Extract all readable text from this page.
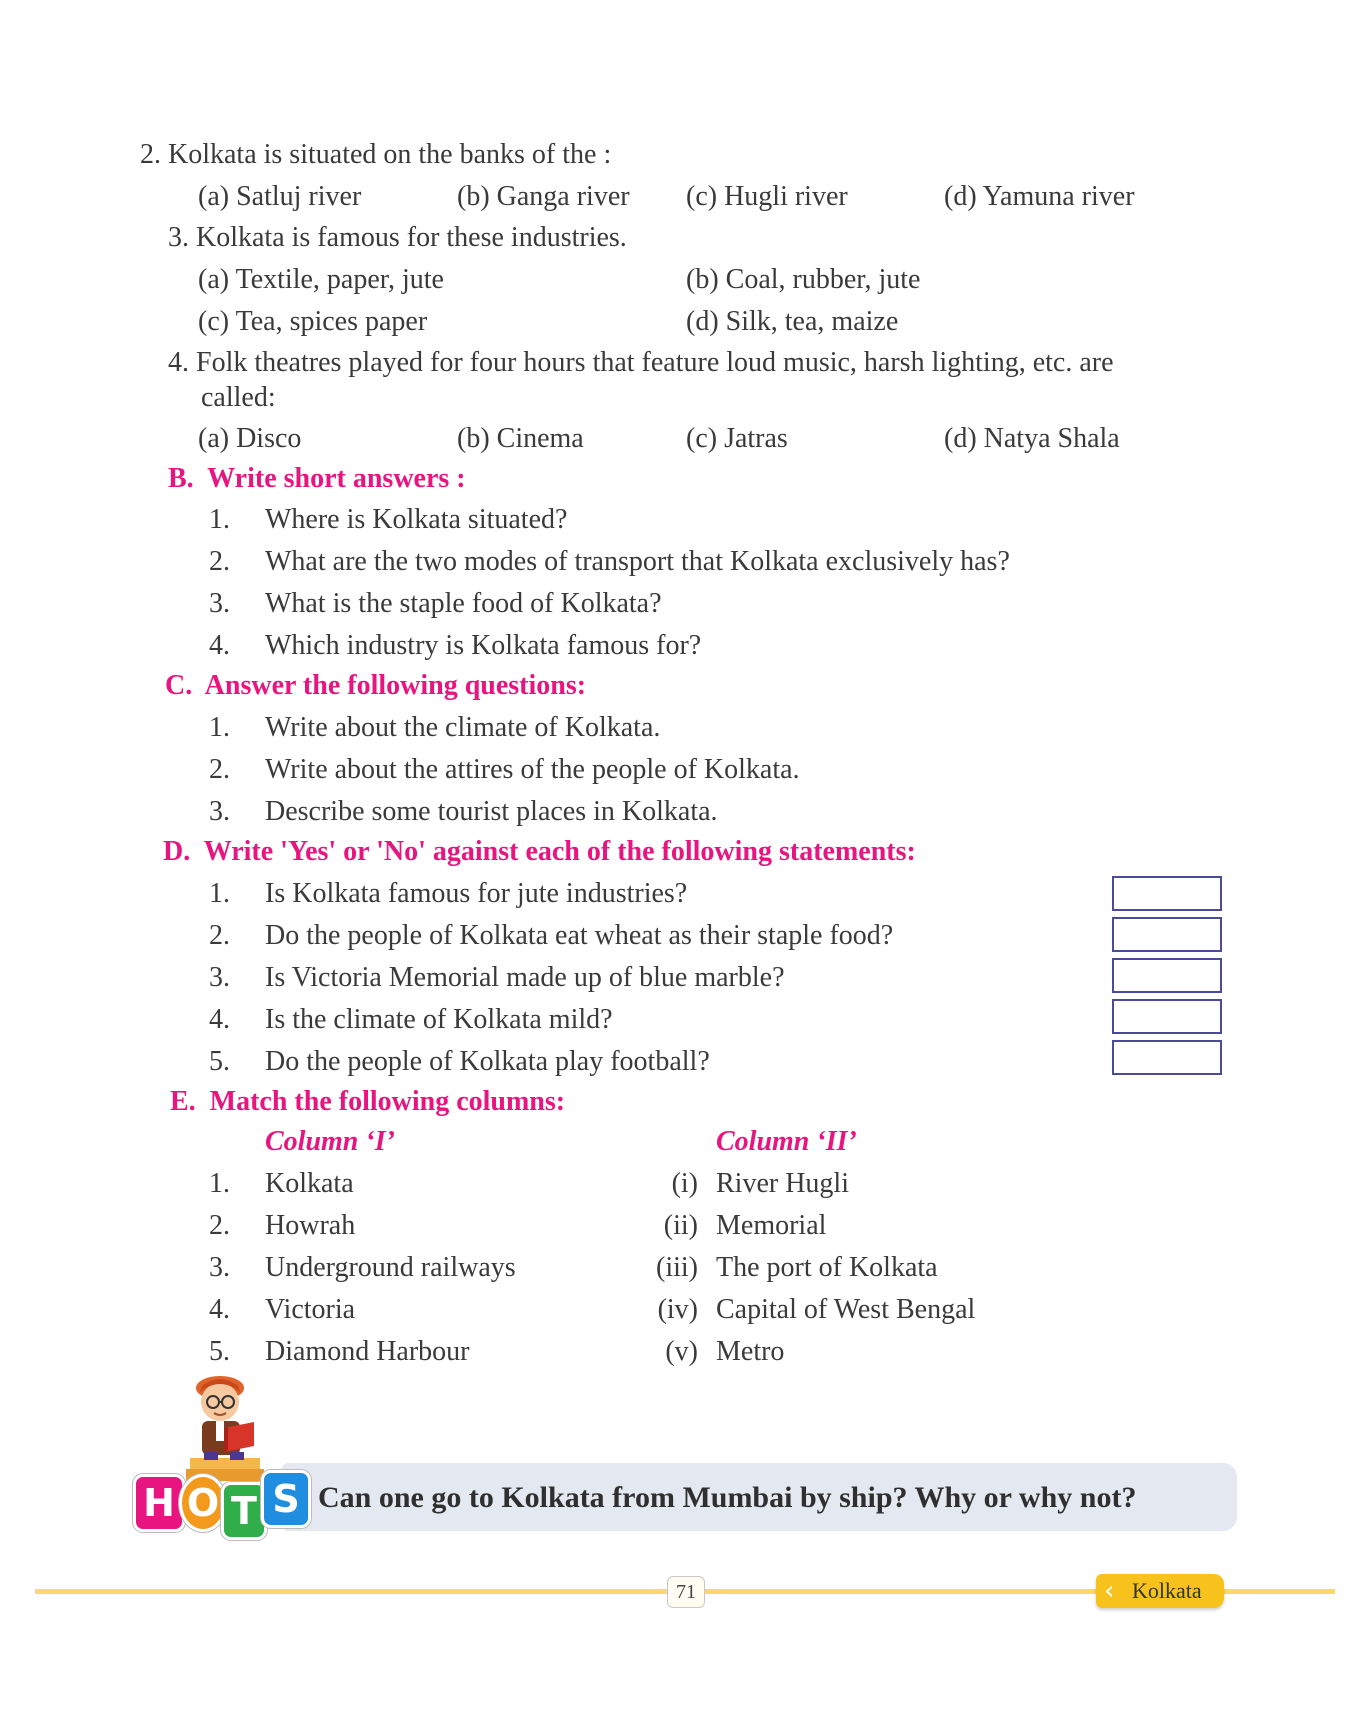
2. Kolkata is situated on the banks of the :
(a) Satluj river	(b) Ganga river (c) Hugli river	(d) Yamuna river
3. Kolkata is famous for these industries.
(a) Textile, paper, jute	(b) Coal, rubber, jute
(c) Tea, spices paper	(d) Silk, tea, maize
4. Folk theatres played for four hours that feature loud music, harsh lighting, etc. are
called:
(a) Disco	(b) Cinema	(c) Jatras	(d) Natya Shala
B.  Write short answers :
1. Where is Kolkata situated?
2. What are the two modes of transport that Kolkata exclusively has?
3. What is the staple food of Kolkata?
4. Which industry is Kolkata famous for?
C.  Answer the following questions:
1. Write about the climate of Kolkata.
2. Write about the attires of the people of Kolkata.
3. Describe some tourist places in Kolkata.
D.  Write 'Yes' or 'No' against each of the following statements:
1. Is Kolkata famous for jute industries?
2. Do the people of Kolkata eat wheat as their staple food?
3. Is Victoria Memorial made up of blue marble?
4. Is the climate of Kolkata mild?
5. Do the people of Kolkata play football?
E.  Match the following columns:
Column ‘I’	Column ‘II’
1. Kolkata	(i) River Hugli
2. Howrah	(ii) Memorial
3. Underground railways	(iii) The port of Kolkata
4. Victoria	(iv) Capital of West Bengal
5. Diamond Harbour	(v) Metro
H O T S Can one go to Kolkata from Mumbai by ship? Why or why not?
71	‹ Kolkata
